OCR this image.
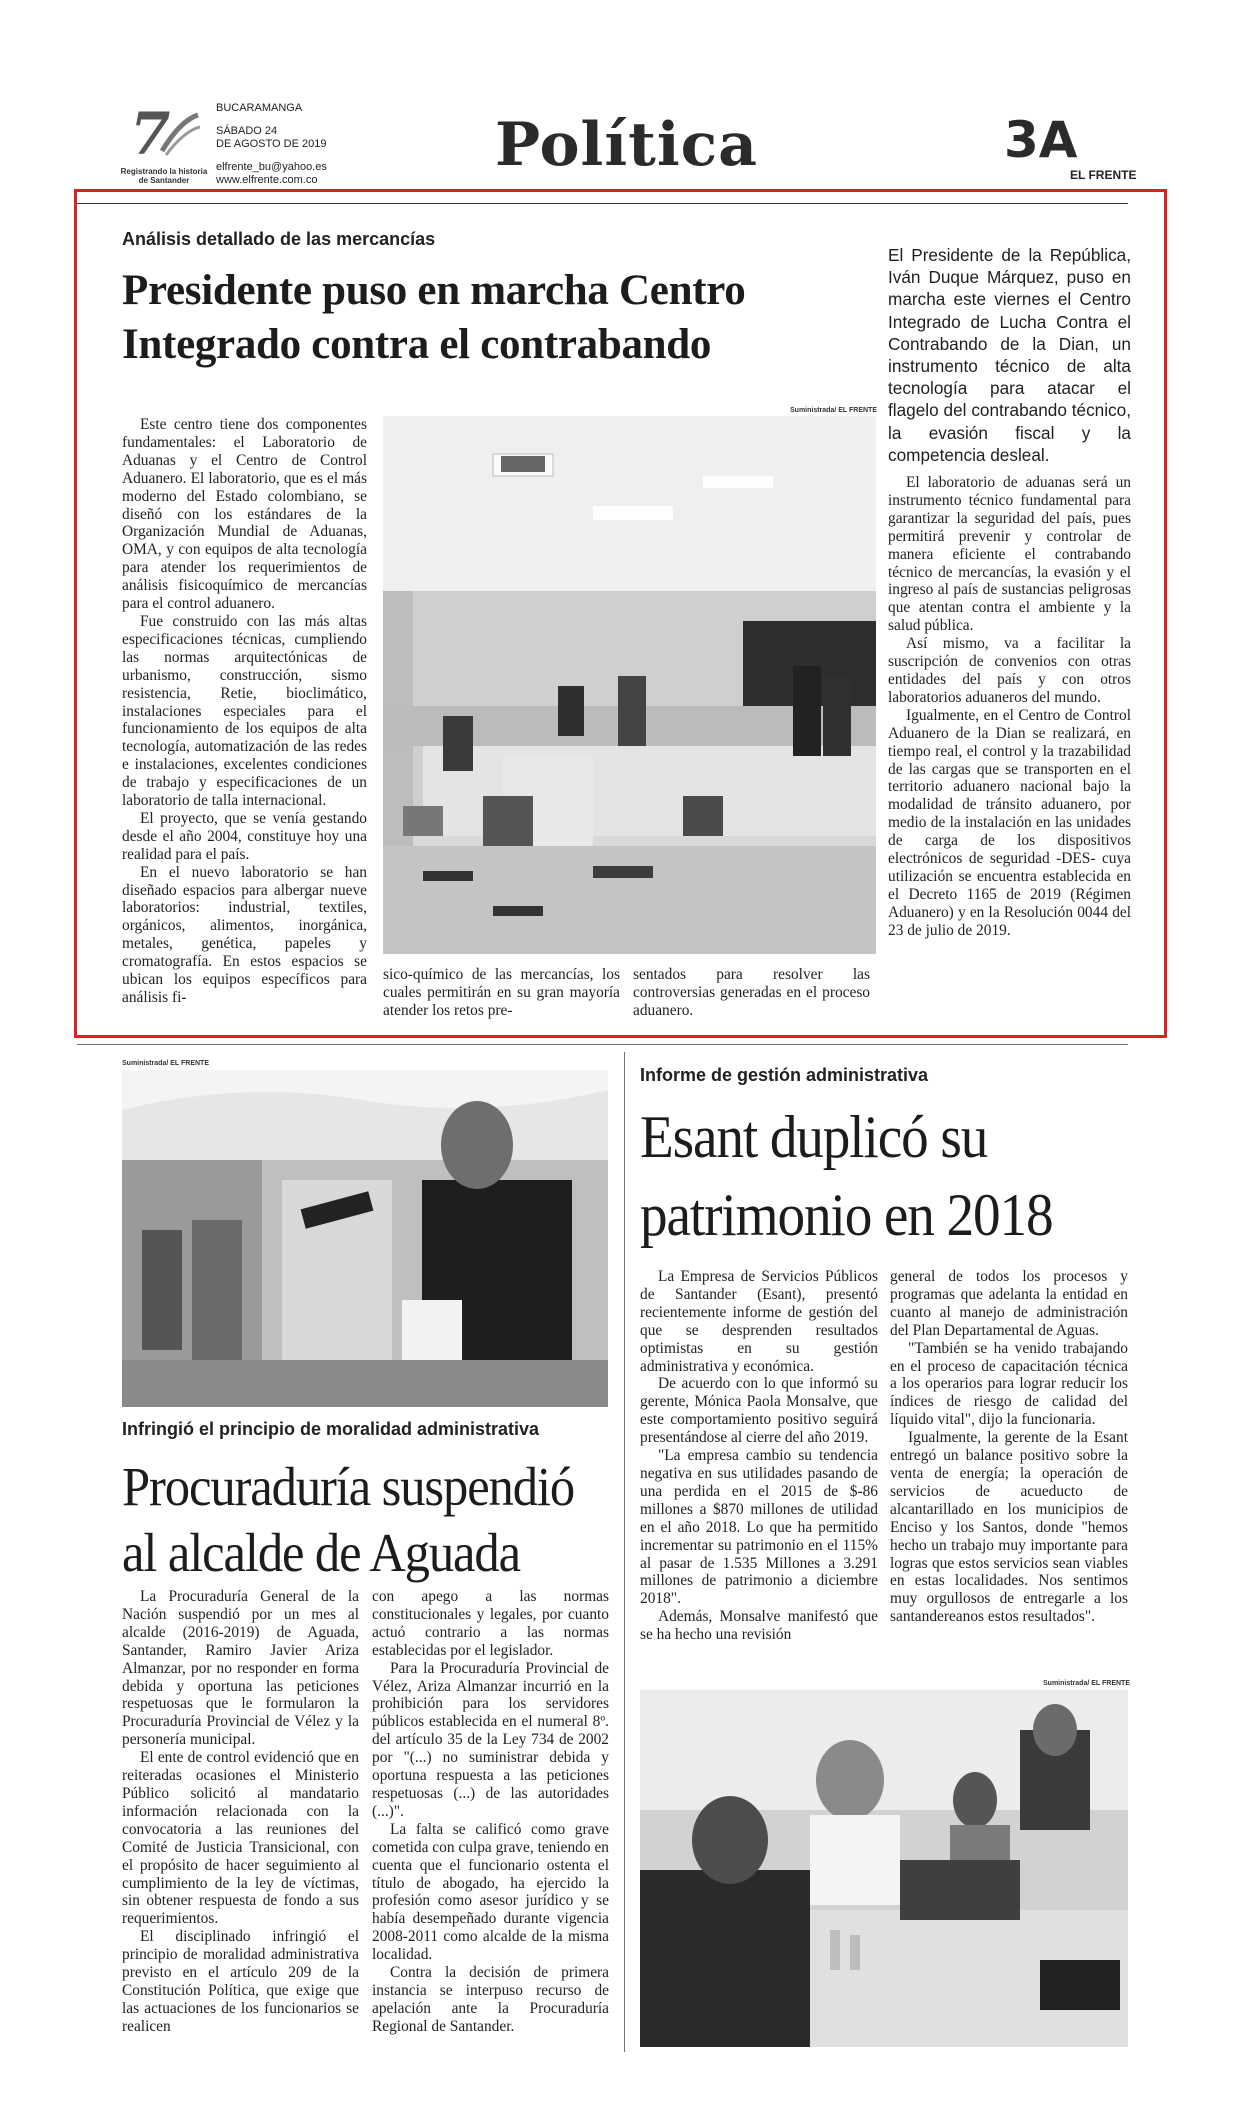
7
Registrando la historia de Santander
BUCARAMANGA
SÁBADO 24
DE AGOSTO DE 2019
elfrente_bu@yahoo.es
www.elfrente.com.co	Política	3A
EL FRENTE
Análisis detallado de las mercancías
Presidente puso en marcha Centro
Integrado contra el contrabando
El Presidente de la República, Iván Duque Márquez, puso en marcha este viernes el Centro Integrado de Lucha Contra el Contrabando de la Dian, un instrumento técnico de alta tecnología para atacar el flagelo del contrabando técnico, la evasión fiscal y la competencia desleal.
Suministrada/ EL FRENTE

Este centro tiene dos componentes fundamentales: el Laboratorio de Aduanas y el Centro de Control Aduanero. El laboratorio, que es el más moderno del Estado colombiano, se diseñó con los estándares de la Organización Mundial de Aduanas, OMA, y con equipos de alta tecnología para atender los requerimientos de análisis fisicoquímico de mercancías para el control aduanero.

Fue construido con las más altas especificaciones técnicas, cumpliendo las normas arquitectónicas de urbanismo, construcción, sismo resistencia, Retie, bioclimático, instalaciones especiales para el funcionamiento de los equipos de alta tecnología, automatización de las redes e instalaciones, excelentes condiciones de trabajo y especificaciones de un laboratorio de talla internacional.

El proyecto, que se venía gestando desde el año 2004, constituye hoy una realidad para el país.

En el nuevo laboratorio se han diseñado espacios para albergar nueve laboratorios: industrial, textiles, orgánicos, alimentos, inorgánica, metales, genética, papeles y cromatografía. En estos espacios se ubican los equipos específicos para análisis fi-

sico-químico de las mercancías, los cuales permitirán en su gran mayoría atender los retos pre-

sentados para resolver las controversias generadas en el proceso aduanero.

El laboratorio de aduanas será un instrumento técnico fundamental para garantizar la seguridad del país, pues permitirá prevenir y controlar de manera eficiente el contrabando técnico de mercancías, la evasión y el ingreso al país de sustancias peligrosas que atentan contra el ambiente y la salud pública.

Así mismo, va a facilitar la suscripción de convenios con otras entidades del país y con otros laboratorios aduaneros del mundo.

Igualmente, en el Centro de Control Aduanero de la Dian se realizará, en tiempo real, el control y la trazabilidad de las cargas que se transporten en el territorio aduanero nacional bajo la modalidad de tránsito aduanero, por medio de la instalación en las unidades de carga de los dispositivos electrónicos de seguridad -DES- cuya utilización se encuentra establecida en el Decreto 1165 de 2019 (Régimen Aduanero) y en la Resolución 0044 del 23 de julio de 2019.

Suministrada/ EL FRENTE
Infringió el principio de moralidad administrativa
Procuraduría suspendió
al alcalde de Aguada

La Procuraduría General de la Nación suspendió por un mes al alcalde (2016-2019) de Aguada, Santander, Ramiro Javier Ariza Almanzar, por no responder en forma debida y oportuna las peticiones respetuosas que le formularon la Procuraduría Provincial de Vélez y la personería municipal.

El ente de control evidenció que en reiteradas ocasiones el Ministerio Público solicitó al mandatario información relacionada con la convocatoria a las reuniones del Comité de Justicia Transicional, con el propósito de hacer seguimiento al cumplimiento de la ley de víctimas, sin obtener respuesta de fondo a sus requerimientos.

El disciplinado infringió el principio de moralidad administrativa previsto en el artículo 209 de la Constitución Política, que exige que las actuaciones de los funcionarios se realicen

con apego a las normas constitucionales y legales, por cuanto actuó contrario a las normas establecidas por el legislador.

Para la Procuraduría Provincial de Vélez, Ariza Almanzar incurrió en la prohibición para los servidores públicos establecida en el numeral 8º. del artículo 35 de la Ley 734 de 2002 por "(...) no suministrar debida y oportuna respuesta a las peticiones respetuosas (...) de las autoridades (...)".

La falta se calificó como grave cometida con culpa grave, teniendo en cuenta que el funcionario ostenta el título de abogado, ha ejercido la profesión como asesor jurídico y se había desempeñado durante vigencia 2008-2011 como alcalde de la misma localidad.

Contra la decisión de primera instancia se interpuso recurso de apelación ante la Procuraduría Regional de Santander.

Informe de gestión administrativa
Esant duplicó su
patrimonio en 2018

La Empresa de Servicios Públicos de Santander (Esant), presentó recientemente informe de gestión del que se desprenden resultados optimistas en su gestión administrativa y económica.

De acuerdo con lo que informó su gerente, Mónica Paola Monsalve, que este comportamiento positivo seguirá presentándose al cierre del año 2019.

"La empresa cambio su tendencia negativa en sus utilidades pasando de una perdida en el 2015 de $-86 millones a $870 millones de utilidad en el año 2018. Lo que ha permitido incrementar su patrimonio en el 115% al pasar de 1.535 Millones a 3.291 millones de patrimonio a diciembre 2018".

Además, Monsalve manifestó que se ha hecho una revisión

general de todos los procesos y programas que adelanta la entidad en cuanto al manejo de administración del Plan Departamental de Aguas.

"También se ha venido trabajando en el proceso de capacitación técnica a los operarios para lograr reducir los índices de riesgo de calidad del líquido vital", dijo la funcionaria.

Igualmente, la gerente de la Esant entregó un balance positivo sobre la venta de energía; la operación de servicios de acueducto de alcantarillado en los municipios de Enciso y los Santos, donde "hemos hecho un trabajo muy importante para logras que estos servicios sean viables en estas localidades. Nos sentimos muy orgullosos de entregarle a los santandereanos estos resultados".

Suministrada/ EL FRENTE
